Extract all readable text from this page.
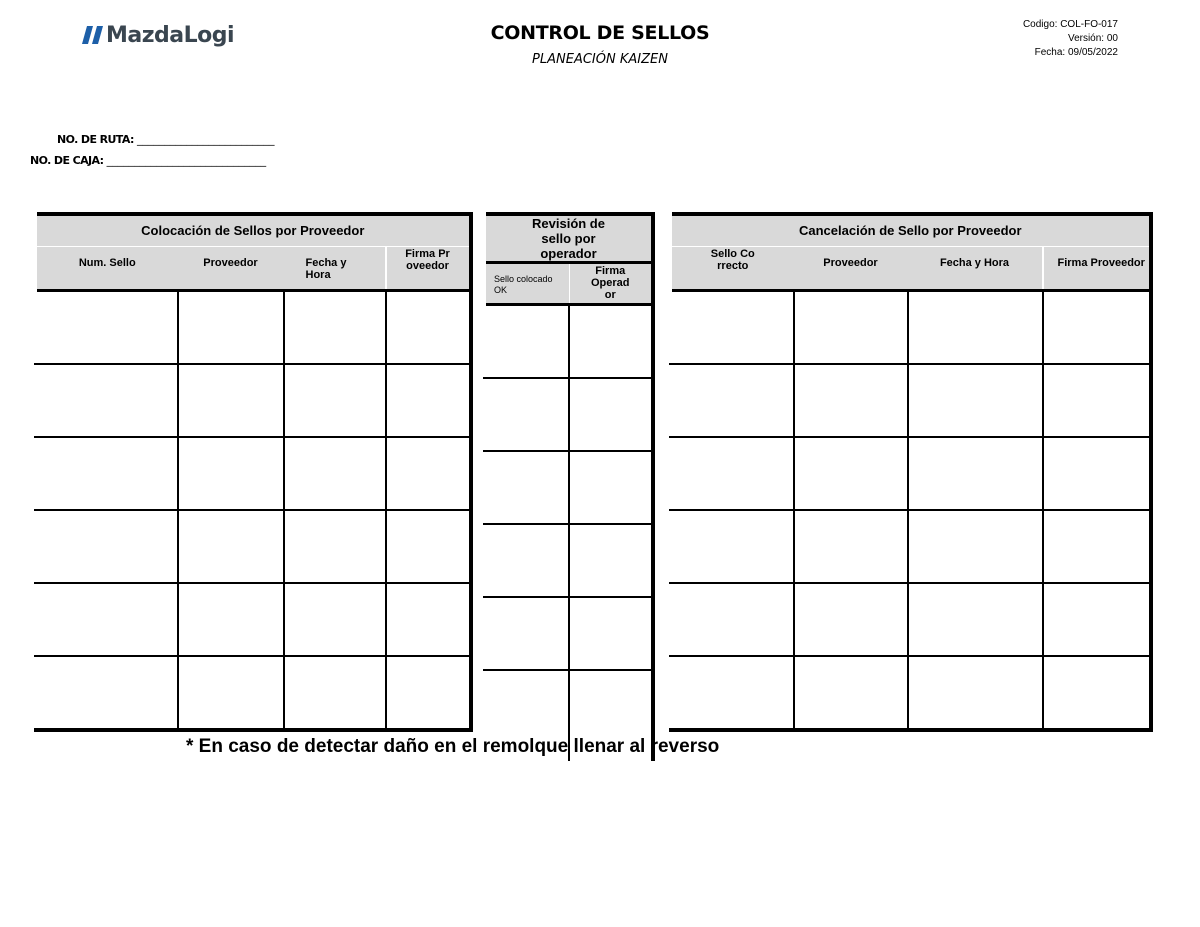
MazdaLogi	CONTROL DE SELLOS
PLANEACIÓN KAIZEN
Codigo: COL-FO-017
Versión: 00
Fecha: 09/05/2022
NO. DE RUTA: _________________________
NO. DE CAJA: _____________________________
Colocación de Sellos por Proveedor			
Num. Sello	Proveedor	Fecha y Hora	Firma Proveedor

Revisión de sello por operador	
Sello colocado OK	Firma Operador

Cancelación de Sello por Proveedor			
Sello Correcto	Proveedor	Fecha y Hora	Firma Proveedor

* En caso de detectar daño en el remolque llenar al reverso
